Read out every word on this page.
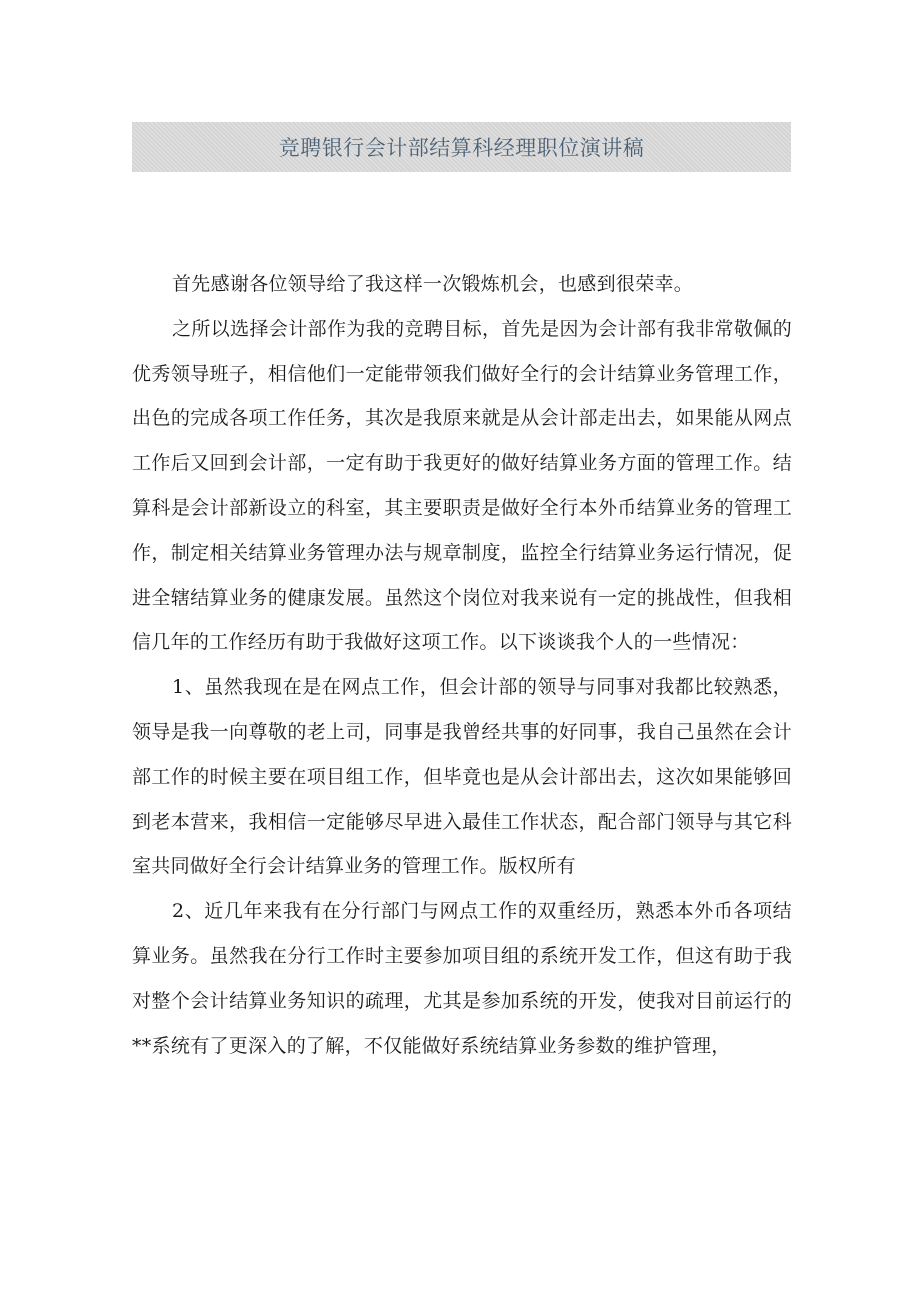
竞聘银行会计部结算科经理职位演讲稿

首先感谢各位领导给了我这样一次锻炼机会，也感到很荣幸。

之所以选择会计部作为我的竞聘目标，首先是因为会计部有我非常敬佩的优秀领导班子，相信他们一定能带领我们做好全行的会计结算业务管理工作，出色的完成各项工作任务，其次是我原来就是从会计部走出去，如果能从网点工作后又回到会计部，一定有助于我更好的做好结算业务方面的管理工作。结算科是会计部新设立的科室，其主要职责是做好全行本外币结算业务的管理工作，制定相关结算业务管理办法与规章制度，监控全行结算业务运行情况，促进全辖结算业务的健康发展。虽然这个岗位对我来说有一定的挑战性，但我相信几年的工作经历有助于我做好这项工作。以下谈谈我个人的一些情况：

1、虽然我现在是在网点工作，但会计部的领导与同事对我都比较熟悉，领导是我一向尊敬的老上司，同事是我曾经共事的好同事，我自己虽然在会计部工作的时候主要在项目组工作，但毕竟也是从会计部出去，这次如果能够回到老本营来，我相信一定能够尽早进入最佳工作状态，配合部门领导与其它科室共同做好全行会计结算业务的管理工作。版权所有

2、近几年来我有在分行部门与网点工作的双重经历，熟悉本外币各项结算业务。虽然我在分行工作时主要参加项目组的系统开发工作，但这有助于我对整个会计结算业务知识的疏理，尤其是参加系统的开发，使我对目前运行的**系统有了更深入的了解，不仅能做好系统结算业务参数的维护管理，
